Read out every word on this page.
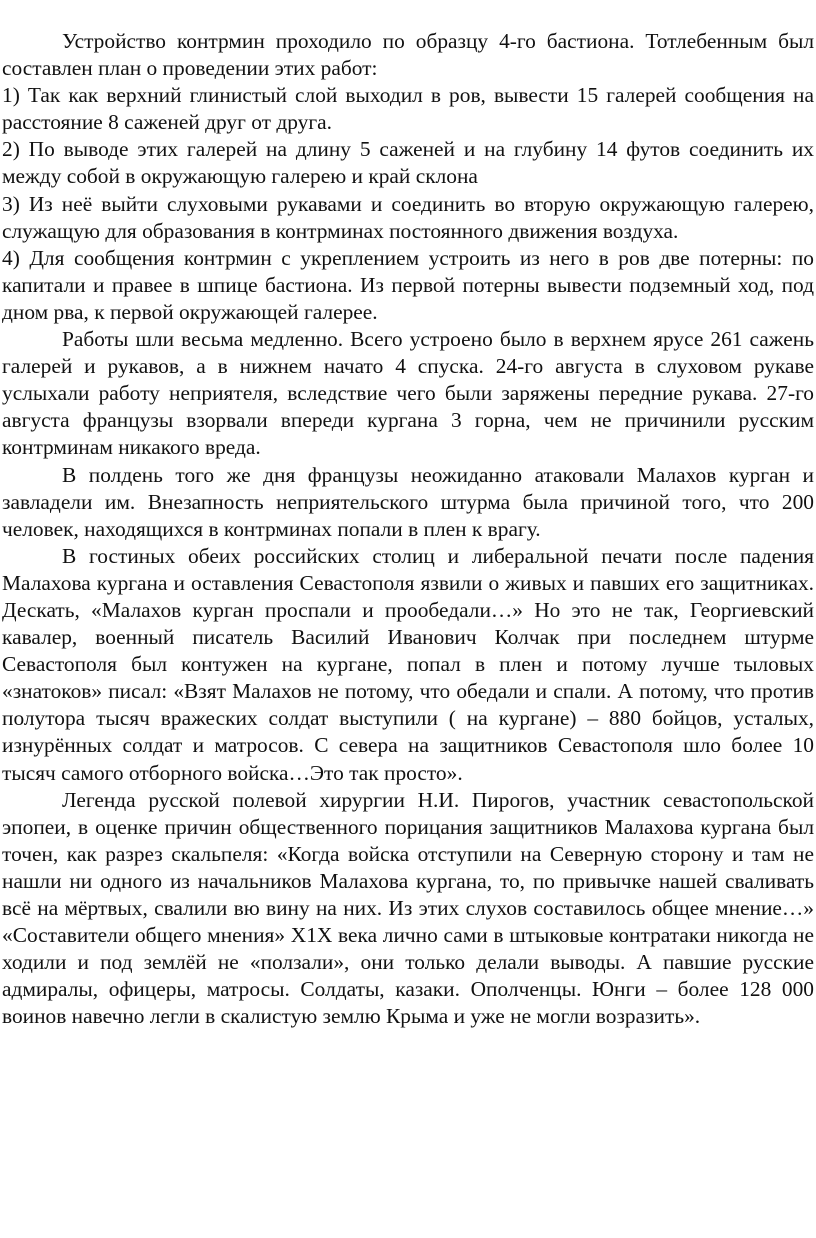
Устройство контрмин проходило по образцу 4-го бастиона. Тотлебенным был составлен план о проведении этих работ:

1) Так как верхний глинистый слой выходил в ров, вывести 15 галерей сообщения на расстояние 8 саженей друг от друга.

2) По выводе этих галерей на длину 5 саженей и на глубину 14 футов соединить их между собой в окружающую галерею и край склона

3) Из неё выйти слуховыми рукавами и соединить во вторую окружающую галерею, служащую для образования в контрминах постоянного движения воздуха.

4) Для сообщения контрмин с укреплением устроить из него в ров две потерны: по капитали и правее в шпице бастиона. Из первой потерны вывести подземный ход, под дном рва, к первой окружающей галерее.

Работы шли весьма медленно. Всего устроено было в верхнем ярусе 261 сажень галерей и рукавов, а в нижнем начато 4 спуска. 24-го августа в слуховом рукаве услыхали работу неприятеля, вследствие чего были заряжены передние рукава. 27-го августа французы взорвали впереди кургана 3 горна, чем не причинили русским контрминам никакого вреда.

В полдень того же дня французы неожиданно атаковали Малахов курган и завладели им. Внезапность неприятельского штурма была причиной того, что 200 человек, находящихся в контрминах попали в плен к врагу.

В гостиных обеих российских столиц и либеральной печати после падения Малахова кургана и оставления Севастополя язвили о живых и павших его защитниках. Дескать, «Малахов курган проспали и прообедали…» Но это не так, Георгиевский кавалер, военный писатель Василий Иванович Колчак при последнем штурме Севастополя был контужен на кургане, попал в плен и потому лучше тыловых «знатоков» писал: «Взят Малахов не потому, что обедали и спали. А потому, что против полутора тысяч вражеских солдат выступили ( на кургане) – 880 бойцов, усталых, изнурённых солдат и матросов. С севера на защитников Севастополя шло более 10 тысяч самого отборного войска…Это так просто».

Легенда русской полевой хирургии Н.И. Пирогов, участник севастопольской эпопеи, в оценке причин общественного порицания защитников Малахова кургана был точен, как разрез скальпеля: «Когда войска отступили на Северную сторону и там не нашли ни одного из начальников Малахова кургана, то, по привычке нашей сваливать всё на мёртвых, свалили вю вину на них. Из этих слухов составилось общее мнение…» «Составители общего мнения» X1X века лично сами в штыковые контратаки никогда не ходили и под землёй не «ползали», они только делали выводы. А павшие русские адмиралы, офицеры, матросы. Солдаты, казаки. Ополченцы. Юнги – более 128 000 воинов навечно легли в скалистую землю Крыма и уже не могли возразить».
